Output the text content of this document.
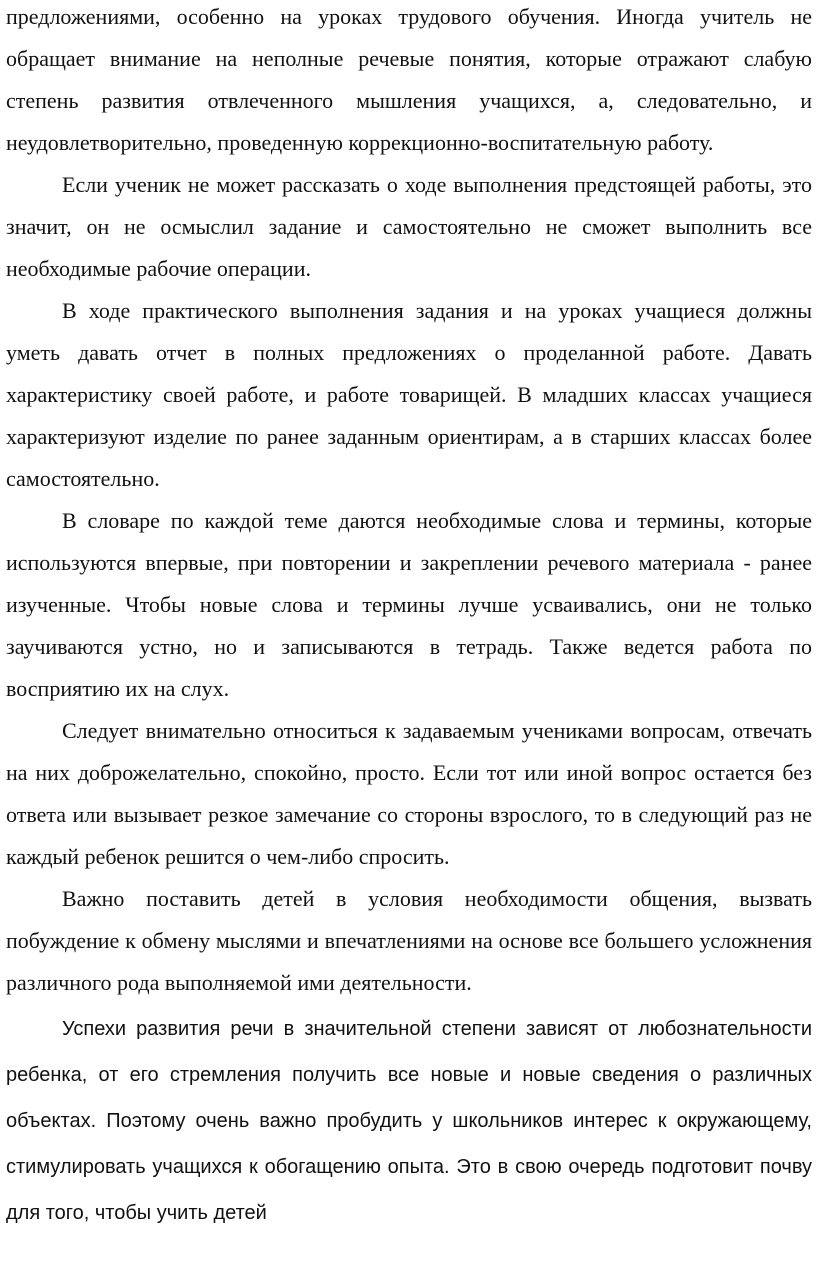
предложениями, особенно на уроках трудового обучения. Иногда учитель не обращает внимание на неполные речевые понятия, которые отражают слабую степень развития отвлеченного мышления учащихся, а, следовательно, и неудовлетворительно, проведенную коррекционно-воспитательную работу.

Если ученик не может рассказать о ходе выполнения предстоящей работы, это значит, он не осмыслил задание и самостоятельно не сможет выполнить все необходимые рабочие операции.

В ходе практического выполнения задания и на уроках учащиеся должны уметь давать отчет в полных предложениях о проделанной работе. Давать характеристику своей работе, и работе товарищей. В младших классах учащиеся характеризуют изделие по ранее заданным ориентирам, а в старших классах более самостоятельно.

В словаре по каждой теме даются необходимые слова и термины, которые используются впервые, при повторении и закреплении речевого материала - ранее изученные. Чтобы новые слова и термины лучше усваивались, они не только заучиваются устно, но и записываются в тетрадь. Также ведется работа по восприятию их на слух.

Следует внимательно относиться к задаваемым учениками вопросам, отвечать на них доброжелательно, спокойно, просто. Если тот или иной вопрос остается без ответа или вызывает резкое замечание со стороны взрослого, то в следующий раз не каждый ребенок решится о чем-либо спросить.

Важно поставить детей в условия необходимости общения, вызвать побуждение к обмену мыслями и впечатлениями на основе все большего усложнения различного рода выполняемой ими деятельности.

Успехи развития речи в значительной степени зависят от любознательности ребенка, от его стремления получить все новые и новые сведения о различных объектах. Поэтому очень важно пробудить у школьников интерес к окружающему, стимулировать учащихся к обогащению опыта. Это в свою очередь подготовит почву для того, чтобы учить детей
